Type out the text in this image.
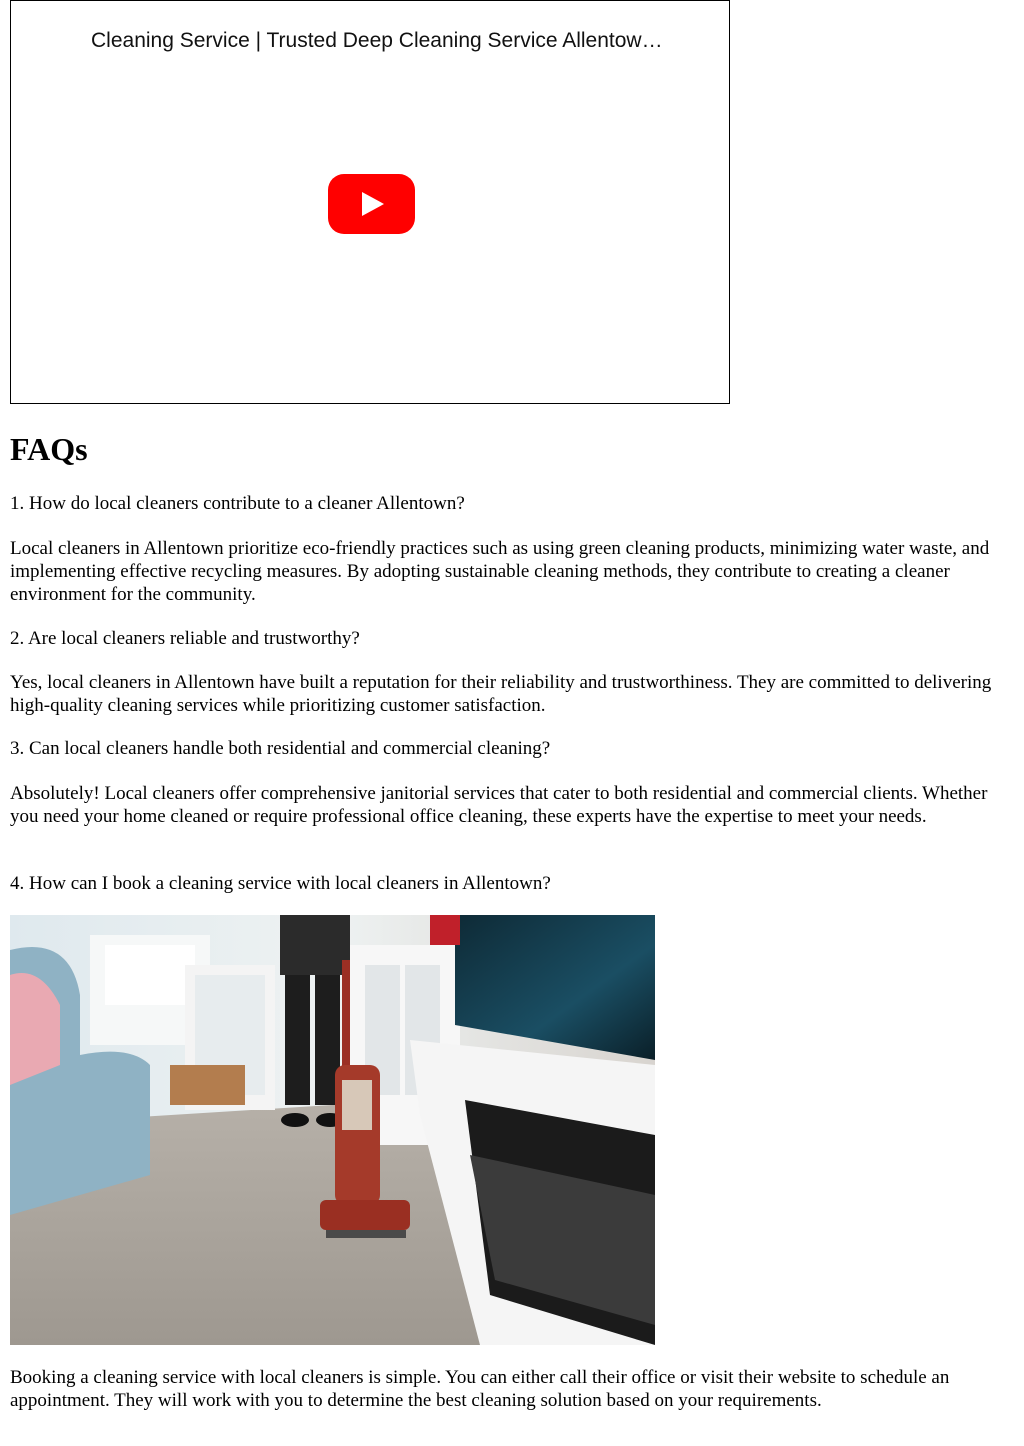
Cleaning Service | Trusted Deep Cleaning Service Allentow…
FAQs

1. How do local cleaners contribute to a cleaner Allentown?

Local cleaners in Allentown prioritize eco-friendly practices such as using green cleaning products, minimizing water waste, and implementing effective recycling measures. By adopting sustainable cleaning methods, they contribute to creating a cleaner environment for the community.

2. Are local cleaners reliable and trustworthy?

Yes, local cleaners in Allentown have built a reputation for their reliability and trustworthiness. They are committed to delivering high-quality cleaning services while prioritizing customer satisfaction.

3. Can local cleaners handle both residential and commercial cleaning?

Absolutely! Local cleaners offer comprehensive janitorial services that cater to both residential and commercial clients. Whether you need your home cleaned or require professional office cleaning, these experts have the expertise to meet your needs.

4. How can I book a cleaning service with local cleaners in Allentown?

Booking a cleaning service with local cleaners is simple. You can either call their office or visit their website to schedule an appointment. They will work with you to determine the best cleaning solution based on your requirements.
